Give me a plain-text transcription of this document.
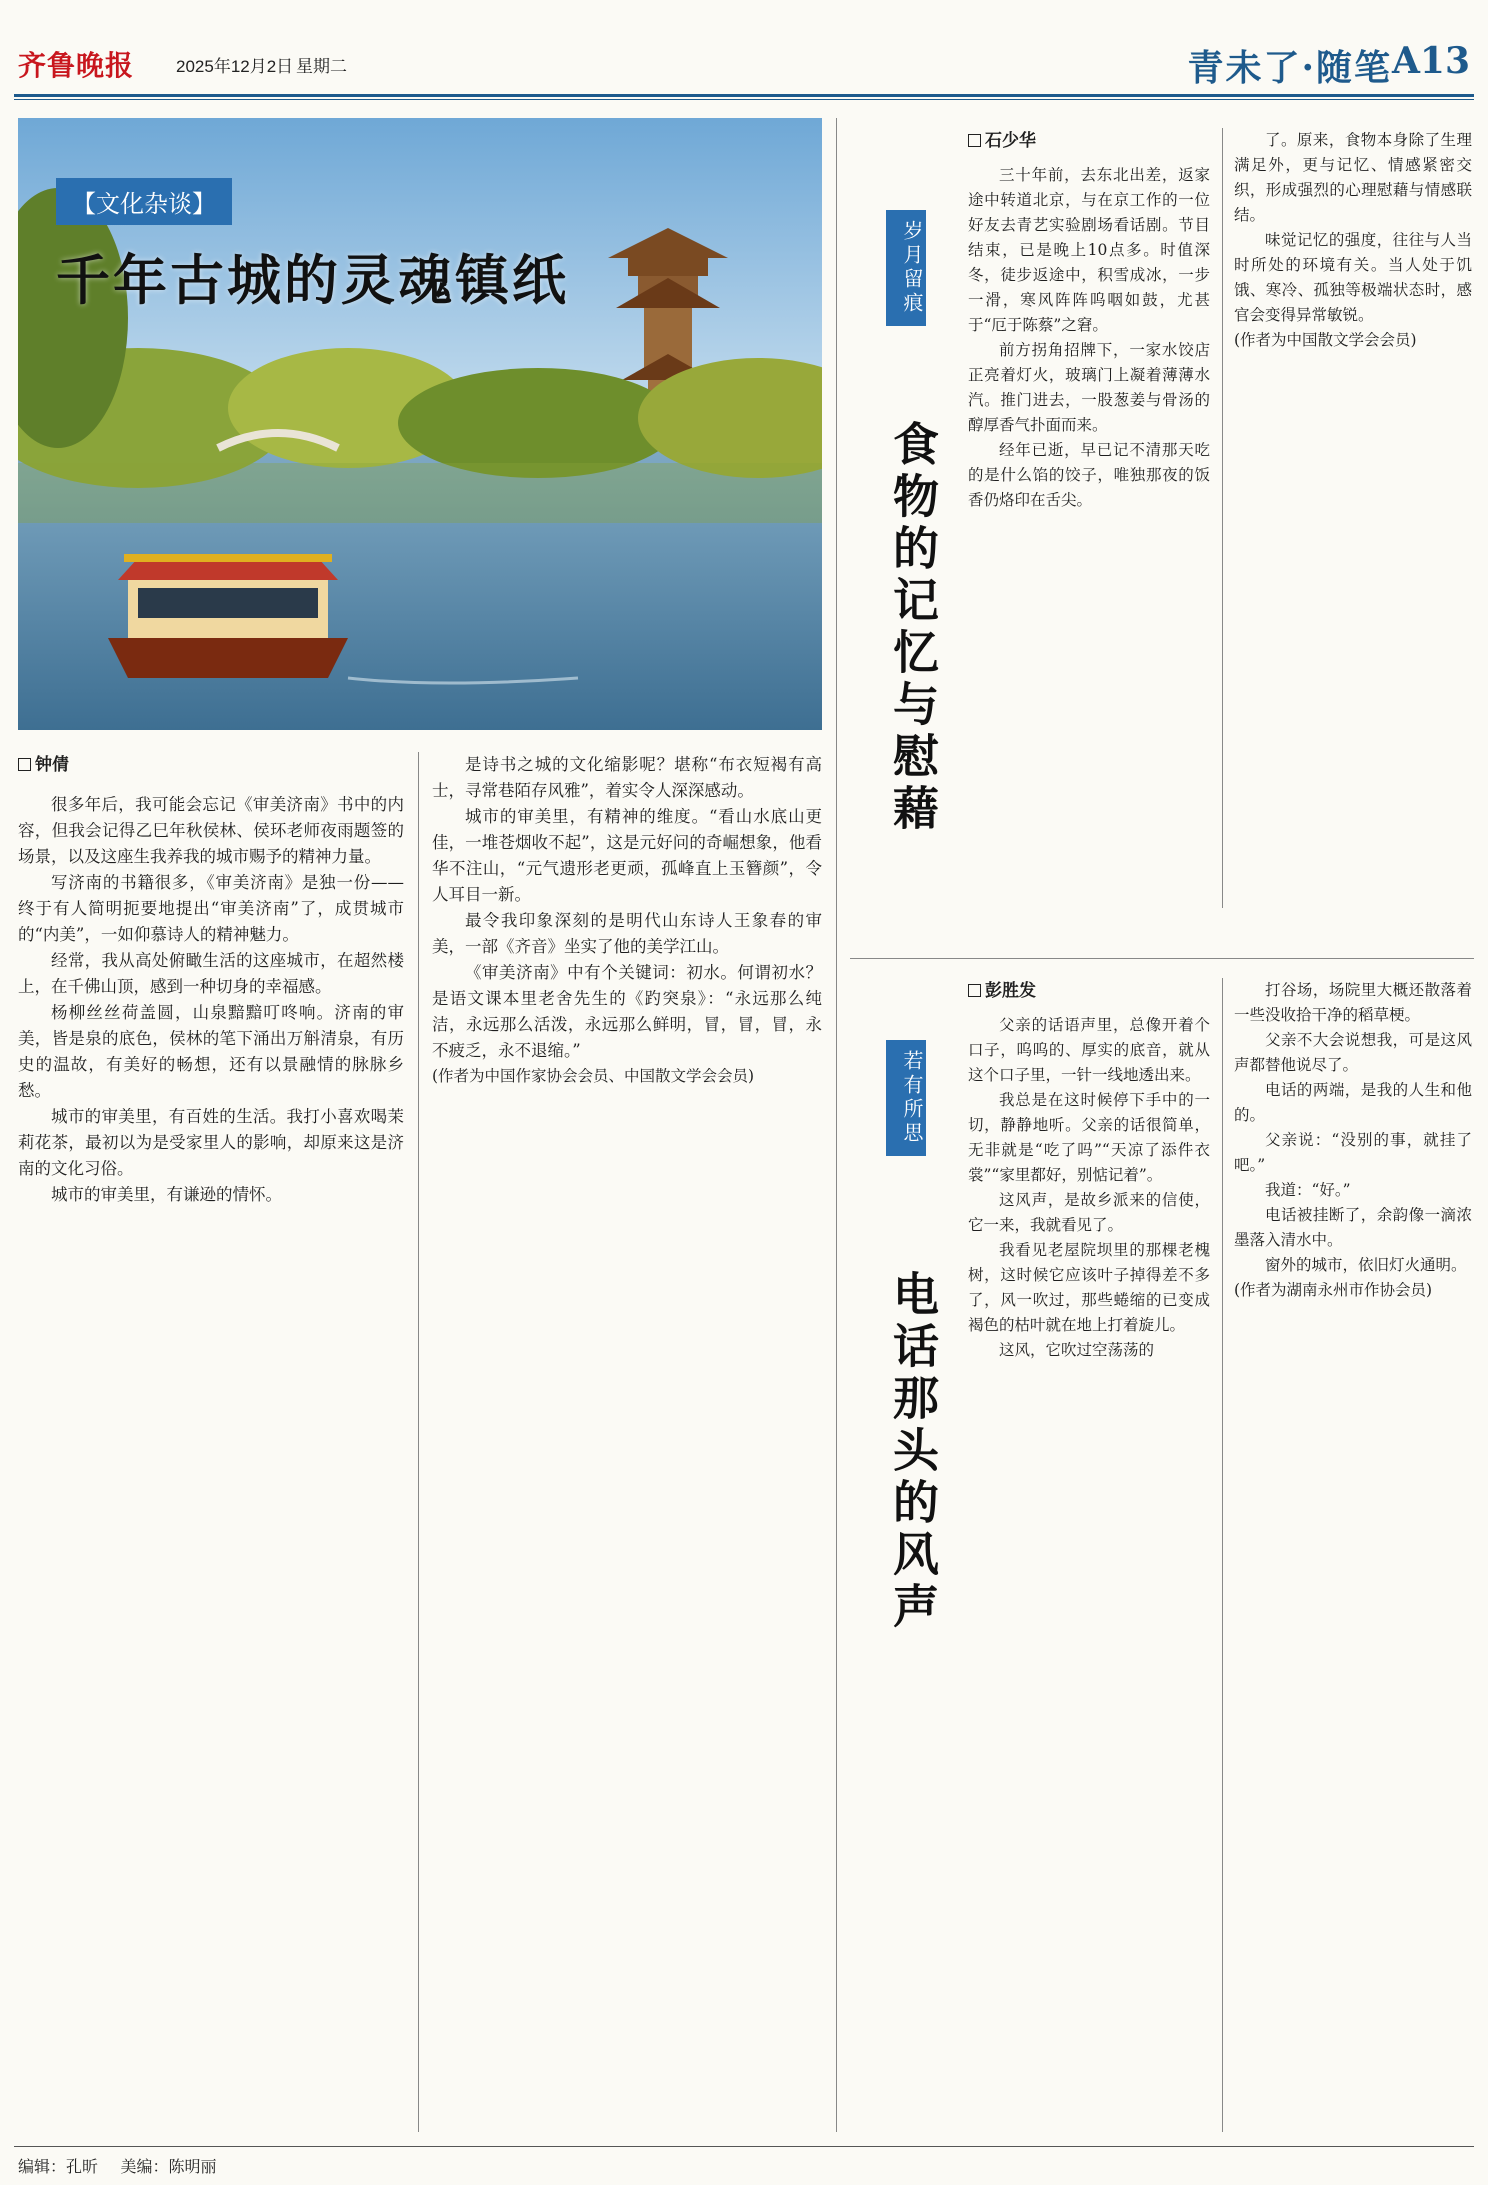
齐鲁晚报 2025年12月2日 星期二	青未了·随笔 A13
【文化杂谈】
千年古城的灵魂镇纸
钟倩

很多年后，我可能会忘记《审美济南》书中的内容，但我会记得乙巳年秋侯林、侯环老师夜雨题签的场景，以及这座生我养我的城市赐予的精神力量。

写济南的书籍很多，《审美济南》是独一份——终于有人简明扼要地提出“审美济南”了，成贯城市的“内美”，一如仰慕诗人的精神魅力。

经常，我从高处俯瞰生活的这座城市，在超然楼上，在千佛山顶，感到一种切身的幸福感。

杨柳丝丝荷盖圆，山泉黯黯叮咚响。济南的审美，皆是泉的底色，侯林的笔下涌出万斛清泉，有历史的温故，有美好的畅想，还有以景融情的脉脉乡愁。

城市的审美里，有百姓的生活。我打小喜欢喝茉莉花茶，最初以为是受家里人的影响，却原来这是济南的文化习俗。

城市的审美里，有谦逊的情怀。

是诗书之城的文化缩影呢？堪称“布衣短褐有高士，寻常巷陌存风雅”，着实令人深深感动。

城市的审美里，有精神的维度。“看山水底山更佳，一堆苍烟收不起”，这是元好问的奇崛想象，他看华不注山，“元气遗形老更顽，孤峰直上玉簪颜”，令人耳目一新。

最令我印象深刻的是明代山东诗人王象春的审美，一部《齐音》坐实了他的美学江山。

《审美济南》中有个关键词：初水。何谓初水？是语文课本里老舍先生的《趵突泉》：“永远那么纯洁，永远那么活泼，永远那么鲜明，冒，冒，冒，永不疲乏，永不退缩。”

(作者为中国作家协会会员、中国散文学会会员)

岁月留痕
食物的记忆与慰藉
石少华

三十年前，去东北出差，返家途中转道北京，与在京工作的一位好友去青艺实验剧场看话剧。节目结束，已是晚上10点多。时值深冬，徒步返途中，积雪成冰，一步一滑，寒风阵阵呜咽如鼓，尤甚于“厄于陈蔡”之窘。

前方拐角招牌下，一家水饺店正亮着灯火，玻璃门上凝着薄薄水汽。推门进去，一股葱姜与骨汤的醇厚香气扑面而来。

经年已逝，早已记不清那天吃的是什么馅的饺子，唯独那夜的饭香仍烙印在舌尖。

了。原来，食物本身除了生理满足外，更与记忆、情感紧密交织，形成强烈的心理慰藉与情感联结。

味觉记忆的强度，往往与人当时所处的环境有关。当人处于饥饿、寒冷、孤独等极端状态时，感官会变得异常敏锐。

(作者为中国散文学会会员)

若有所思
电话那头的风声
彭胜发

父亲的话语声里，总像开着个口子，呜呜的、厚实的底音，就从这个口子里，一针一线地透出来。

我总是在这时候停下手中的一切，静静地听。父亲的话很简单，无非就是“吃了吗”“天凉了添件衣裳”“家里都好，别惦记着”。

这风声，是故乡派来的信使，它一来，我就看见了。

我看见老屋院坝里的那棵老槐树，这时候它应该叶子掉得差不多了，风一吹过，那些蜷缩的已变成褐色的枯叶就在地上打着旋儿。

这风，它吹过空荡荡的

打谷场，场院里大概还散落着一些没收拾干净的稻草梗。

父亲不大会说想我，可是这风声都替他说尽了。

电话的两端，是我的人生和他的。

父亲说：“没别的事，就挂了吧。”

我道：“好。”

电话被挂断了，余韵像一滴浓墨落入清水中。

窗外的城市，依旧灯火通明。

(作者为湖南永州市作协会员)

编辑：孔昕 美编：陈明丽
